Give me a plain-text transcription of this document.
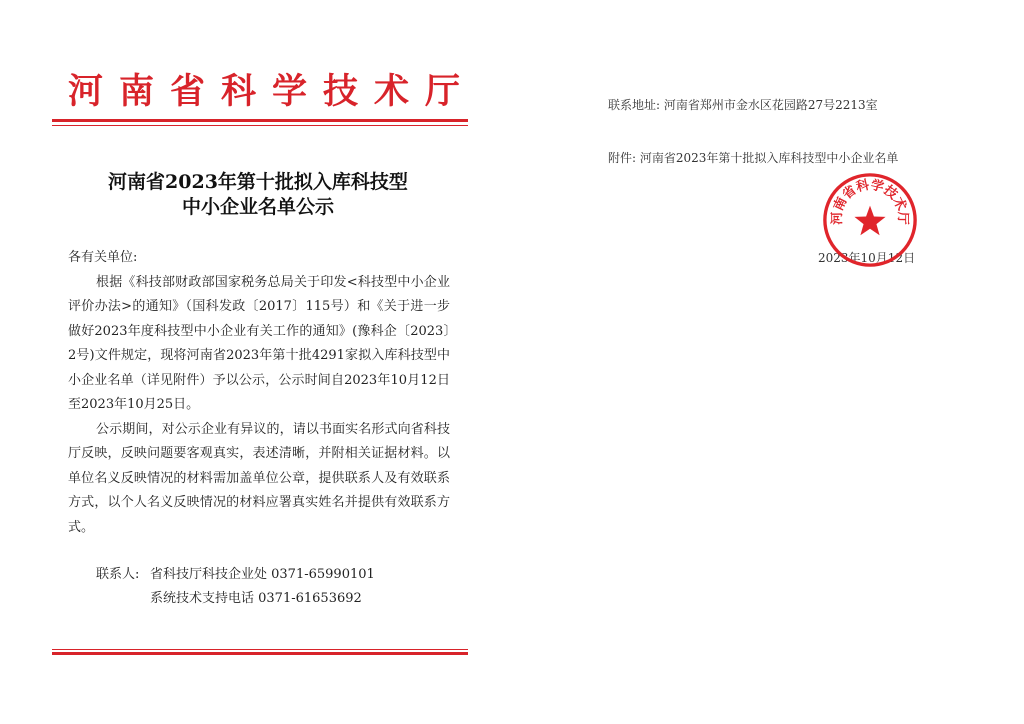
河南省科学技术厅
河南省2023年第十批拟入库科技型
中小企业名单公示

各有关单位:

根据《科技部财政部国家税务总局关于印发<科技型中小企业评价办法>的通知》（国科发政〔2017〕115号）和《关于进一步做好2023年度科技型中小企业有关工作的通知》(豫科企〔2023〕2号)文件规定，现将河南省2023年第十批4291家拟入库科技型中小企业名单（详见附件）予以公示，公示时间自2023年10月12日至2023年10月25日。

公示期间，对公示企业有异议的，请以书面实名形式向省科技厅反映，反映问题要客观真实，表述清晰，并附相关证据材料。以单位名义反映情况的材料需加盖单位公章，提供联系人及有效联系方式，以个人名义反映情况的材料应署真实姓名并提供有效联系方式。

联系人: 省科技厅科技企业处 0371-65990101
系统技术支持电话 0371-61653692
联系地址: 河南省郑州市金水区花园路27号2213室
附件: 河南省2023年第十批拟入库科技型中小企业名单
2023年10月12日
河南省科学技术厅
